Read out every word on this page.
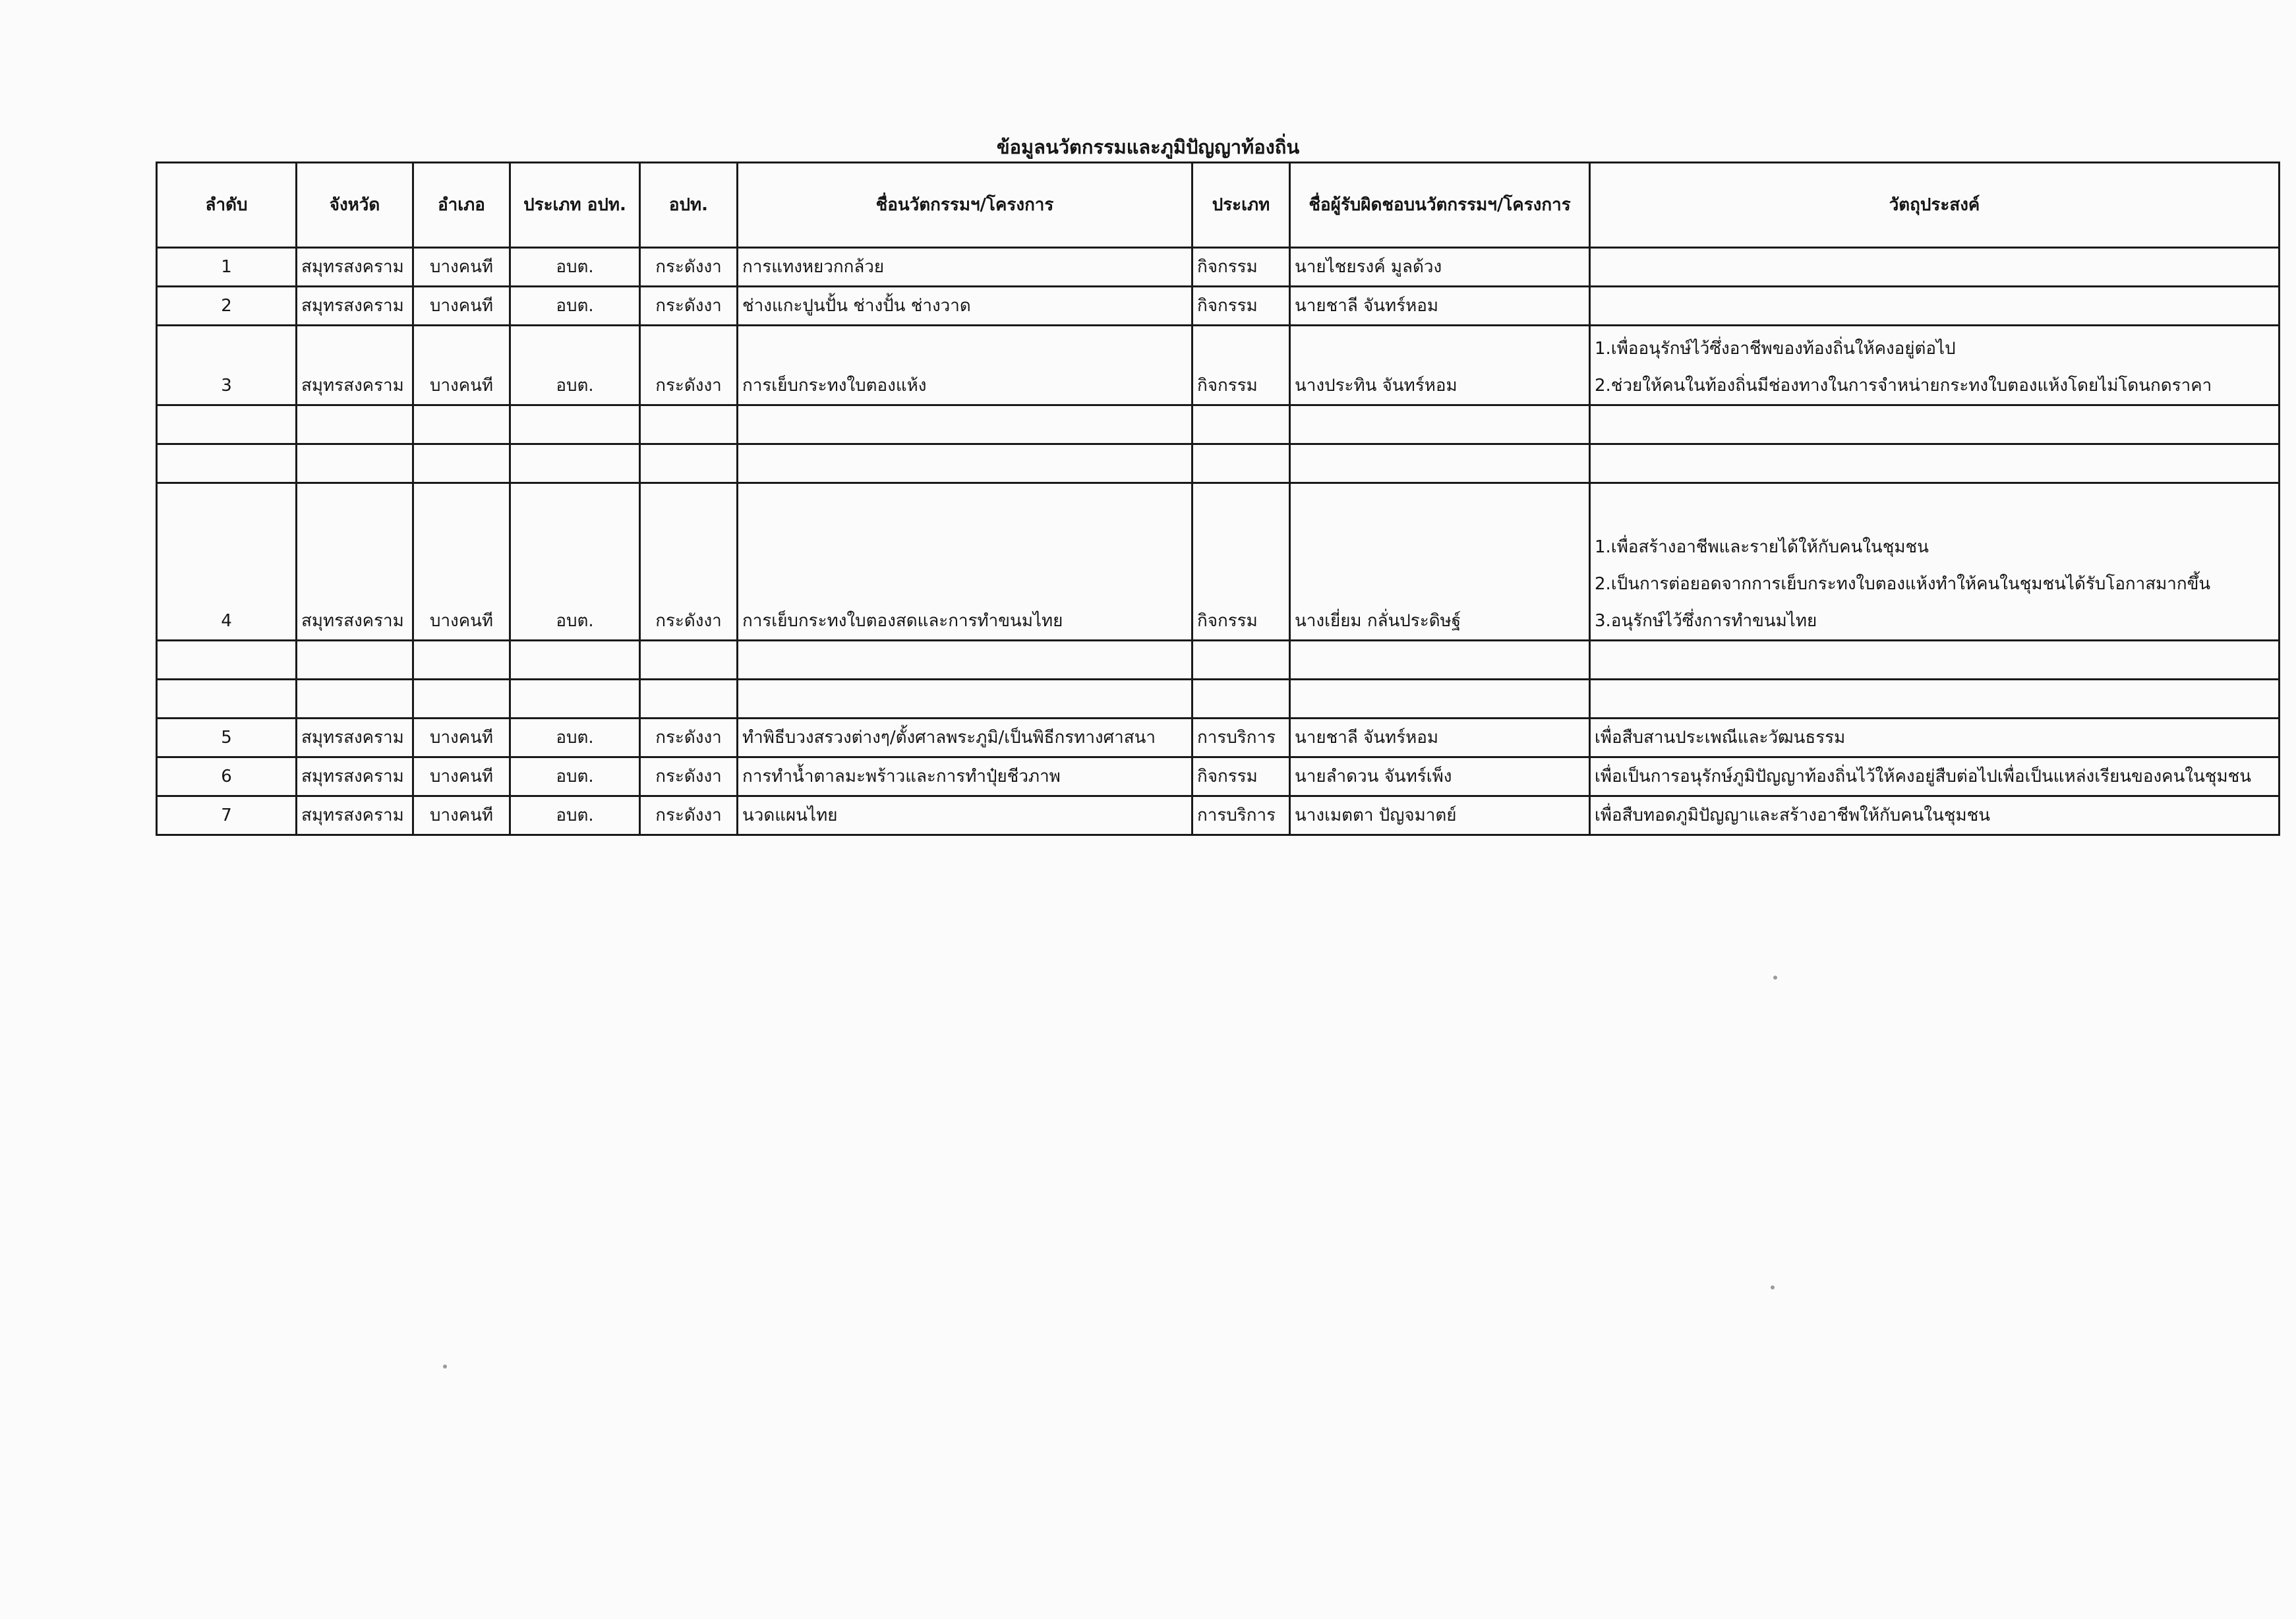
ข้อมูลนวัตกรรมและภูมิปัญญาท้องถิ่น
ลำดับ	จังหวัด	อำเภอ	ประเภท อปท.	อปท.	ชื่อนวัตกรรมฯ/โครงการ	ประเภท	ชื่อผู้รับผิดชอบนวัตกรรมฯ/โครงการ	วัตถุประสงค์
1	สมุทรสงคราม	บางคนที	อบต.	กระดังงา	การแทงหยวกกล้วย	กิจกรรม	นายไชยรงค์ มูลด้วง	
2	สมุทรสงคราม	บางคนที	อบต.	กระดังงา	ช่างแกะปูนปั้น ช่างปั้น ช่างวาด	กิจกรรม	นายชาลี จันทร์หอม	
3	สมุทรสงคราม	บางคนที	อบต.	กระดังงา	การเย็บกระทงใบตองแห้ง	กิจกรรม	นางประทิน จันทร์หอม	1.เพื่ออนุรักษ์ไว้ซึ่งอาชีพของท้องถิ่นให้คงอยู่ต่อไป
2.ช่วยให้คนในท้องถิ่นมีช่องทางในการจำหน่ายกระทงใบตองแห้งโดยไม่โดนกดราคา

4	สมุทรสงคราม	บางคนที	อบต.	กระดังงา	การเย็บกระทงใบตองสดและการทำขนมไทย	กิจกรรม	นางเยี่ยม กลั่นประดิษฐ์	1.เพื่อสร้างอาชีพและรายได้ให้กับคนในชุมชน
2.เป็นการต่อยอดจากการเย็บกระทงใบตองแห้งทำให้คนในชุมชนได้รับโอกาสมากขึ้น
3.อนุรักษ์ไว้ซึ่งการทำขนมไทย

5	สมุทรสงคราม	บางคนที	อบต.	กระดังงา	ทำพิธีบวงสรวงต่างๆ/ตั้งศาลพระภูมิ/เป็นพิธีกรทางศาสนา	การบริการ	นายชาลี จันทร์หอม	เพื่อสืบสานประเพณีและวัฒนธรรม
6	สมุทรสงคราม	บางคนที	อบต.	กระดังงา	การทำน้ำตาลมะพร้าวและการทำปุ๋ยชีวภาพ	กิจกรรม	นายลำดวน จันทร์เพ็ง	เพื่อเป็นการอนุรักษ์ภูมิปัญญาท้องถิ่นไว้ให้คงอยู่สืบต่อไปเพื่อเป็นแหล่งเรียนของคนในชุมชน
7	สมุทรสงคราม	บางคนที	อบต.	กระดังงา	นวดแผนไทย	การบริการ	นางเมตตา ปัญจมาตย์	เพื่อสืบทอดภูมิปัญญาและสร้างอาชีพให้กับคนในชุมชน
